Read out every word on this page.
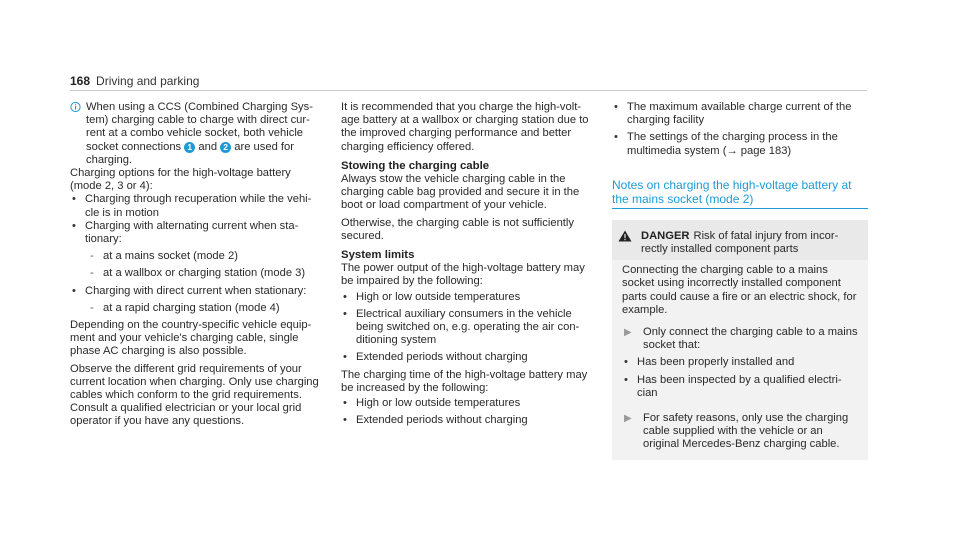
168 Driving and parking

When using a CCS (Combined Charging Sys-tem) charging cable to charge with direct cur-rent at a combo vehicle socket, both vehicle socket connections 1 and 2 are used for charging.

Charging options for the high-voltage battery (mode 2, 3 or 4):

• Charging through recuperation while the vehi-cle is in motion
• Charging with alternating current when sta-tionary:
- at a mains socket (mode 2)
- at a wallbox or charging station (mode 3)
• Charging with direct current when stationary:
- at a rapid charging station (mode 4)

Depending on the country-specific vehicle equip-ment and your vehicle's charging cable, single phase AC charging is also possible.

Observe the different grid requirements of your current location when charging. Only use charging cables which conform to the grid requirements. Consult a qualified electrician or your local grid operator if you have any questions.

It is recommended that you charge the high-volt-age battery at a wallbox or charging station due to the improved charging performance and better charging efficiency offered.

Stowing the charging cable

Always stow the vehicle charging cable in the charging cable bag provided and secure it in the boot or load compartment of your vehicle.

Otherwise, the charging cable is not sufficiently secured.

System limits

The power output of the high-voltage battery may be impaired by the following:

• High or low outside temperatures
• Electrical auxiliary consumers in the vehicle being switched on, e.g. operating the air con-ditioning system
• Extended periods without charging

The charging time of the high-voltage battery may be increased by the following:

• High or low outside temperatures
• Extended periods without charging
• The maximum available charge current of the charging facility
• The settings of the charging process in the multimedia system (→ page 183)
Notes on charging the high-voltage battery at the mains socket (mode 2)

DANGER Risk of fatal injury from incor-rectly installed component parts

Connecting the charging cable to a mains socket using incorrectly installed component parts could cause a fire or an electric shock, for example.

▶	Only connect the charging cable to a mains socket that:

• Has been properly installed and
• Has been inspected by a qualified electri-cian
▶	For safety reasons, only use the charging cable supplied with the vehicle or an original Mercedes-Benz charging cable.
